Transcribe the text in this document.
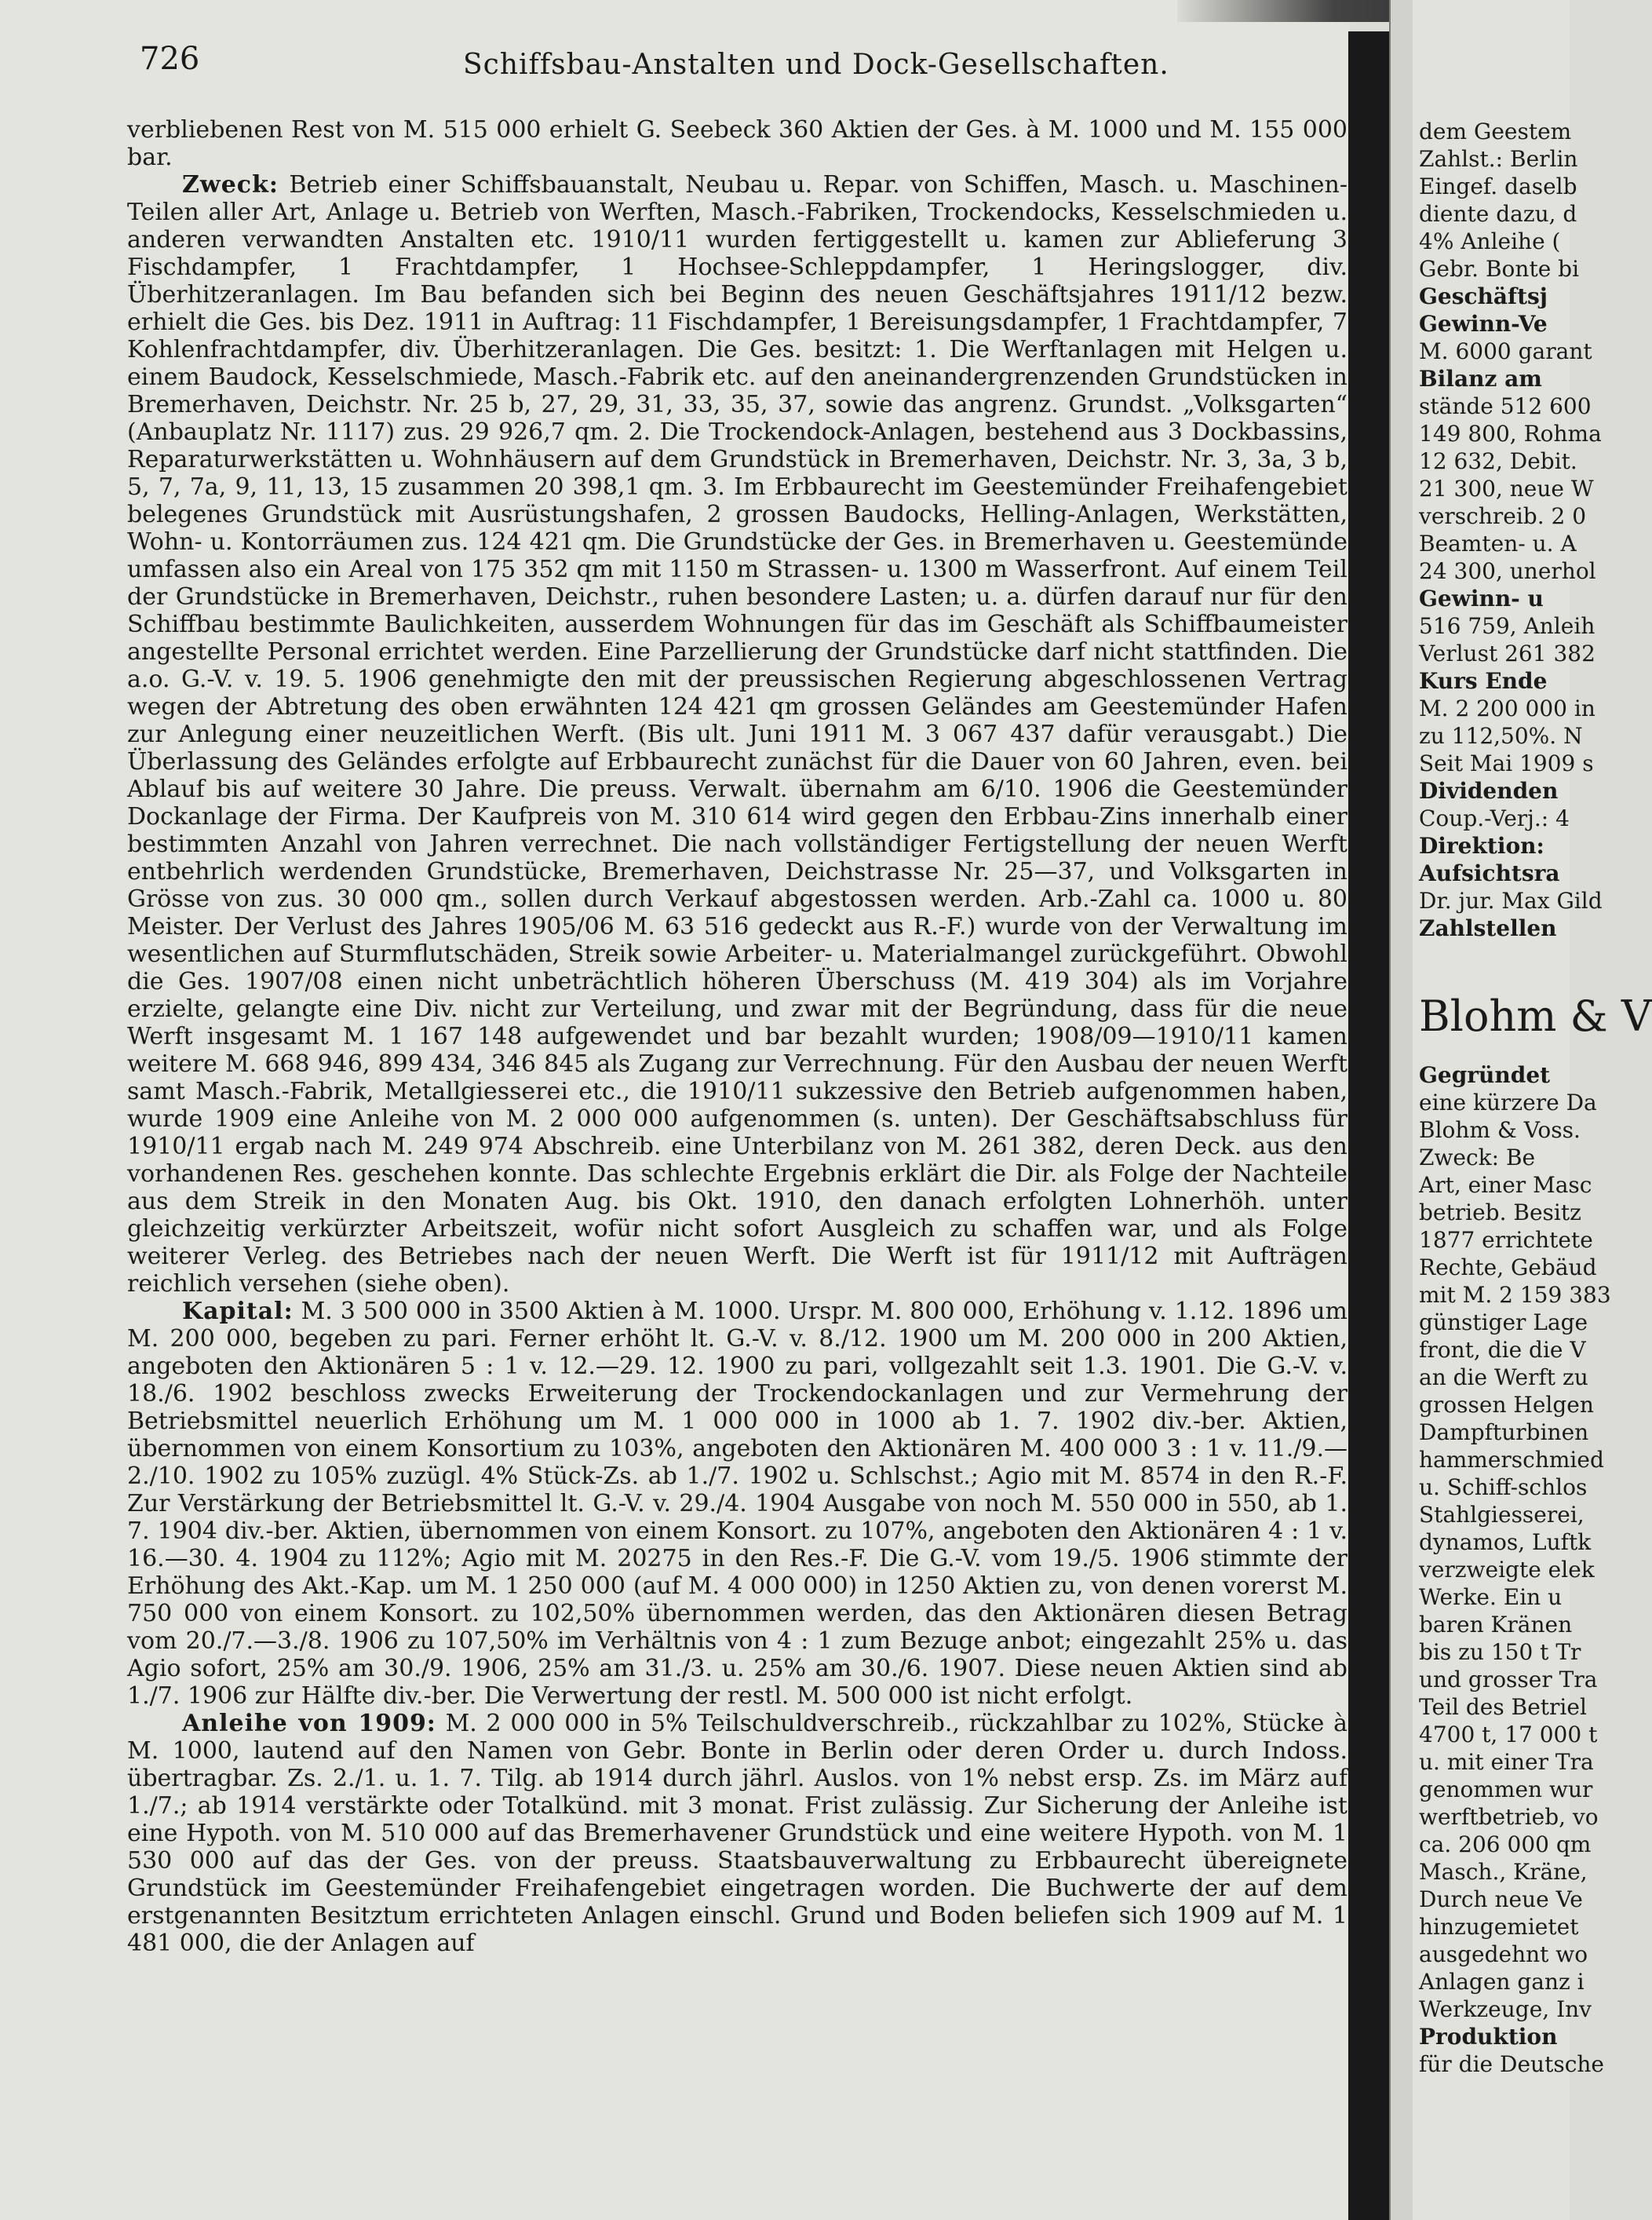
726	Schiffsbau-Anstalten und Dock-Gesellschaften.

verbliebenen Rest von M. 515 000 erhielt G. Seebeck 360 Aktien der Ges. à M. 1000 und M. 155 000 bar.

Zweck: Betrieb einer Schiffsbauanstalt, Neubau u. Repar. von Schiffen, Masch. u. Maschinen-Teilen aller Art, Anlage u. Betrieb von Werften, Masch.-Fabriken, Trockendocks, Kesselschmieden u. anderen verwandten Anstalten etc. 1910/11 wurden fertiggestellt u. kamen zur Ablieferung 3 Fischdampfer, 1 Frachtdampfer, 1 Hochsee-Schleppdampfer, 1 Heringslogger, div. Überhitzeranlagen. Im Bau befanden sich bei Beginn des neuen Geschäftsjahres 1911/12 bezw. erhielt die Ges. bis Dez. 1911 in Auftrag: 11 Fischdampfer, 1 Bereisungsdampfer, 1 Frachtdampfer, 7 Kohlenfrachtdampfer, div. Überhitzeranlagen. Die Ges. besitzt: 1. Die Werftanlagen mit Helgen u. einem Baudock, Kesselschmiede, Masch.-Fabrik etc. auf den aneinandergrenzenden Grundstücken in Bremerhaven, Deichstr. Nr. 25 b, 27, 29, 31, 33, 35, 37, sowie das angrenz. Grundst. „Volksgarten“ (Anbauplatz Nr. 1117) zus. 29 926,7 qm. 2. Die Trockendock-Anlagen, bestehend aus 3 Dockbassins, Reparaturwerkstätten u. Wohnhäusern auf dem Grundstück in Bremerhaven, Deichstr. Nr. 3, 3a, 3 b, 5, 7, 7a, 9, 11, 13, 15 zusammen 20 398,1 qm. 3. Im Erbbaurecht im Geestemünder Freihafengebiet belegenes Grundstück mit Ausrüstungshafen, 2 grossen Baudocks, Helling-Anlagen, Werkstätten, Wohn- u. Kontorräumen zus. 124 421 qm. Die Grundstücke der Ges. in Bremerhaven u. Geestemünde umfassen also ein Areal von 175 352 qm mit 1150 m Strassen- u. 1300 m Wasserfront. Auf einem Teil der Grundstücke in Bremerhaven, Deichstr., ruhen besondere Lasten; u. a. dürfen darauf nur für den Schiffbau bestimmte Baulichkeiten, ausserdem Wohnungen für das im Geschäft als Schiffbaumeister angestellte Personal errichtet werden. Eine Parzellierung der Grundstücke darf nicht stattfinden. Die a.o. G.-V. v. 19. 5. 1906 genehmigte den mit der preussischen Regierung abgeschlossenen Vertrag wegen der Abtretung des oben erwähnten 124 421 qm grossen Geländes am Geestemünder Hafen zur Anlegung einer neuzeitlichen Werft. (Bis ult. Juni 1911 M. 3 067 437 dafür verausgabt.) Die Überlassung des Geländes erfolgte auf Erbbaurecht zunächst für die Dauer von 60 Jahren, even. bei Ablauf bis auf weitere 30 Jahre. Die preuss. Verwalt. übernahm am 6/10. 1906 die Geestemünder Dockanlage der Firma. Der Kaufpreis von M. 310 614 wird gegen den Erbbau-Zins innerhalb einer bestimmten Anzahl von Jahren verrechnet. Die nach vollständiger Fertigstellung der neuen Werft entbehrlich werdenden Grundstücke, Bremerhaven, Deichstrasse Nr. 25—37, und Volksgarten in Grösse von zus. 30 000 qm., sollen durch Verkauf abgestossen werden. Arb.-Zahl ca. 1000 u. 80 Meister. Der Verlust des Jahres 1905/06 M. 63 516 gedeckt aus R.-F.) wurde von der Verwaltung im wesentlichen auf Sturmflutschäden, Streik sowie Arbeiter- u. Materialmangel zurückgeführt. Obwohl die Ges. 1907/08 einen nicht unbeträchtlich höheren Überschuss (M. 419 304) als im Vorjahre erzielte, gelangte eine Div. nicht zur Verteilung, und zwar mit der Begründung, dass für die neue Werft insgesamt M. 1 167 148 aufgewendet und bar bezahlt wurden; 1908/09—1910/11 kamen weitere M. 668 946, 899 434, 346 845 als Zugang zur Verrechnung. Für den Ausbau der neuen Werft samt Masch.-Fabrik, Metallgiesserei etc., die 1910/11 sukzessive den Betrieb aufgenommen haben, wurde 1909 eine Anleihe von M. 2 000 000 aufgenommen (s. unten). Der Geschäftsabschluss für 1910/11 ergab nach M. 249 974 Abschreib. eine Unterbilanz von M. 261 382, deren Deck. aus den vorhandenen Res. geschehen konnte. Das schlechte Ergebnis erklärt die Dir. als Folge der Nachteile aus dem Streik in den Monaten Aug. bis Okt. 1910, den danach erfolgten Lohnerhöh. unter gleichzeitig verkürzter Arbeitszeit, wofür nicht sofort Ausgleich zu schaffen war, und als Folge weiterer Verleg. des Betriebes nach der neuen Werft. Die Werft ist für 1911/12 mit Aufträgen reichlich versehen (siehe oben).

Kapital: M. 3 500 000 in 3500 Aktien à M. 1000. Urspr. M. 800 000, Erhöhung v. 1.12. 1896 um M. 200 000, begeben zu pari. Ferner erhöht lt. G.-V. v. 8./12. 1900 um M. 200 000 in 200 Aktien, angeboten den Aktionären 5 : 1 v. 12.—29. 12. 1900 zu pari, vollgezahlt seit 1.3. 1901. Die G.-V. v. 18./6. 1902 beschloss zwecks Erweiterung der Trockendockanlagen und zur Vermehrung der Betriebsmittel neuerlich Erhöhung um M. 1 000 000 in 1000 ab 1. 7. 1902 div.-ber. Aktien, übernommen von einem Konsortium zu 103%, angeboten den Aktionären M. 400 000 3 : 1 v. 11./9.—2./10. 1902 zu 105% zuzügl. 4% Stück-Zs. ab 1./7. 1902 u. Schlschst.; Agio mit M. 8574 in den R.-F. Zur Verstärkung der Betriebsmittel lt. G.-V. v. 29./4. 1904 Ausgabe von noch M. 550 000 in 550, ab 1. 7. 1904 div.-ber. Aktien, übernommen von einem Konsort. zu 107%, angeboten den Aktionären 4 : 1 v. 16.—30. 4. 1904 zu 112%; Agio mit M. 20275 in den Res.-F. Die G.-V. vom 19./5. 1906 stimmte der Erhöhung des Akt.-Kap. um M. 1 250 000 (auf M. 4 000 000) in 1250 Aktien zu, von denen vorerst M. 750 000 von einem Konsort. zu 102,50% übernommen werden, das den Aktionären diesen Betrag vom 20./7.—3./8. 1906 zu 107,50% im Verhältnis von 4 : 1 zum Bezuge anbot; eingezahlt 25% u. das Agio sofort, 25% am 30./9. 1906, 25% am 31./3. u. 25% am 30./6. 1907. Diese neuen Aktien sind ab 1./7. 1906 zur Hälfte div.-ber. Die Verwertung der restl. M. 500 000 ist nicht erfolgt.

Anleihe von 1909: M. 2 000 000 in 5% Teilschuldverschreib., rückzahlbar zu 102%, Stücke à M. 1000, lautend auf den Namen von Gebr. Bonte in Berlin oder deren Order u. durch Indoss. übertragbar. Zs. 2./1. u. 1. 7. Tilg. ab 1914 durch jährl. Auslos. von 1% nebst ersp. Zs. im März auf 1./7.; ab 1914 verstärkte oder Totalkünd. mit 3 monat. Frist zulässig. Zur Sicherung der Anleihe ist eine Hypoth. von M. 510 000 auf das Bremerhavener Grundstück und eine weitere Hypoth. von M. 1 530 000 auf das der Ges. von der preuss. Staatsbauverwaltung zu Erbbaurecht übereignete Grundstück im Geestemünder Freihafengebiet eingetragen worden. Die Buchwerte der auf dem erstgenannten Besitztum errichteten Anlagen einschl. Grund und Boden beliefen sich 1909 auf M. 1 481 000, die der Anlagen auf

dem Geestem
Zahlst.: Berlin
Eingef. daselb
diente dazu, d
4% Anleihe (
Gebr. Bonte bi
Geschäftsj
Gewinn-Ve
M. 6000 garant
Bilanz am
stände 512 600
149 800, Rohma
12 632, Debit.
21 300, neue W
verschreib. 2 0
Beamten- u. A
24 300, unerhol
Gewinn- u
516 759, Anleih
Verlust 261 382
Kurs Ende
M. 2 200 000 in
zu 112,50%. N
Seit Mai 1909 s
Dividenden
Coup.-Verj.: 4
Direktion:
Aufsichtsra
Dr. jur. Max Gild
Zahlstellen
Blohm & V
Gegründet
eine kürzere Da
Blohm & Voss.
Zweck: Be
Art, einer Masc
betrieb. Besitz
1877 errichtete
Rechte, Gebäud
mit M. 2 159 383
günstiger Lage
front, die die V
an die Werft zu
grossen Helgen
Dampfturbinen
hammerschmied
u. Schiff-schlos
Stahlgiesserei,
dynamos, Luftk
verzweigte elek
Werke. Ein u
baren Kränen
bis zu 150 t Tr
und grosser Tra
Teil des Betriel
4700 t, 17 000 t
u. mit einer Tra
genommen wur
werftbetrieb, vo
ca. 206 000 qm
Masch., Kräne,
Durch neue Ve
hinzugemietet
ausgedehnt wo
Anlagen ganz i
Werkzeuge, Inv
Produktion
für die Deutsche
